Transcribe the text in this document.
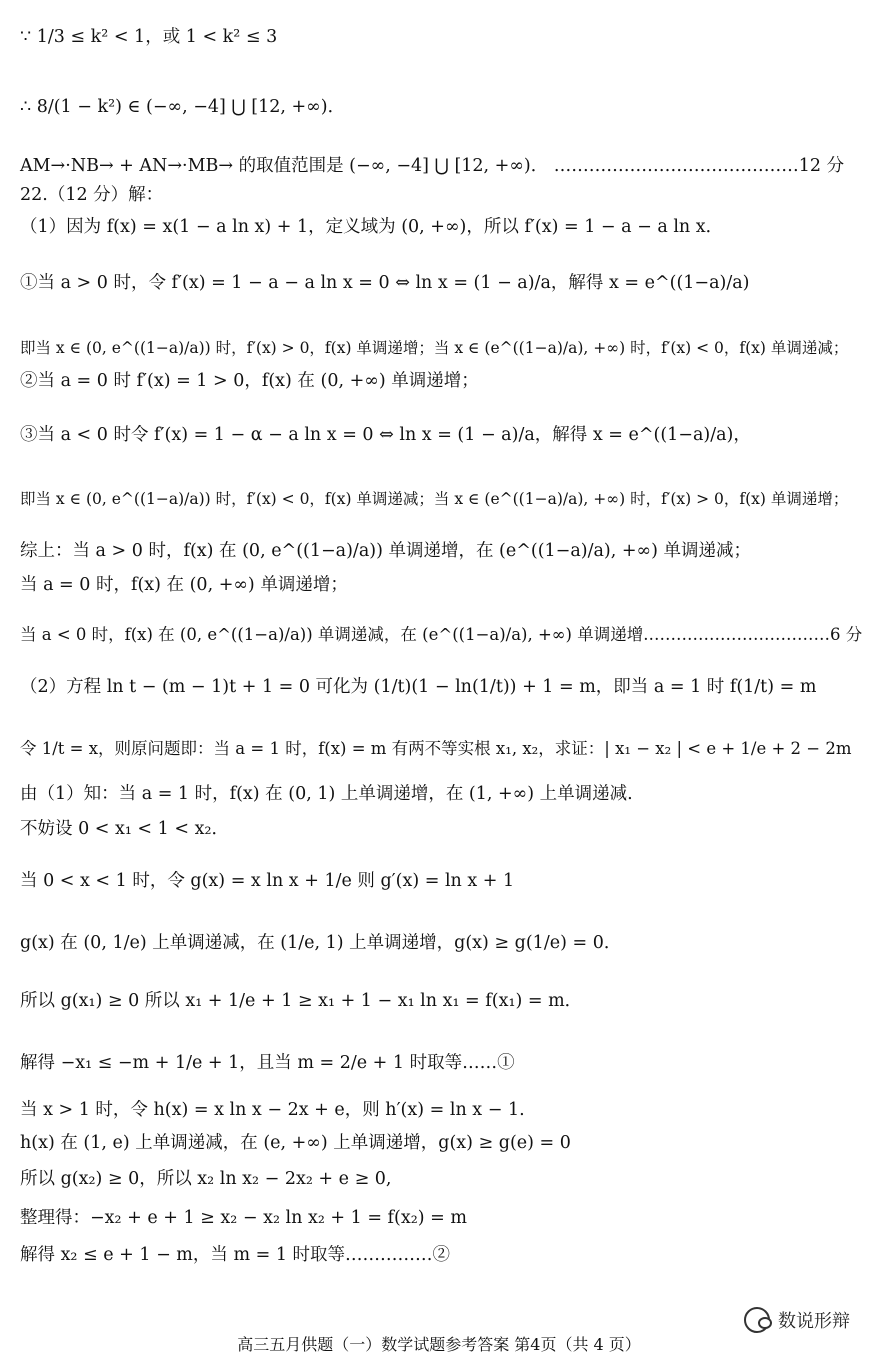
∵ 1/3 ≤ k² < 1，或 1 < k² ≤ 3
∴ 8/(1 − k²) ∈ (−∞, −4] ⋃ [12, +∞)．
AM→·NB→ + AN→·MB→ 的取值范围是 (−∞, −4] ⋃ [12, +∞)． ……………………………………12 分
22.（12 分）解：
（1）因为 f(x) = x(1 − a ln x) + 1，定义域为 (0, +∞)，所以 f′(x) = 1 − a − a ln x．
①当 a > 0 时，令 f′(x) = 1 − a − a ln x = 0 ⇔ ln x = (1 − a)/a，解得 x = e^((1−a)/a)
即当 x ∈ (0, e^((1−a)/a)) 时，f′(x) > 0，f(x) 单调递增；当 x ∈ (e^((1−a)/a), +∞) 时，f′(x) < 0，f(x) 单调递减；
②当 a = 0 时 f′(x) = 1 > 0，f(x) 在 (0, +∞) 单调递增；
③当 a < 0 时令 f′(x) = 1 − α − a ln x = 0 ⇔ ln x = (1 − a)/a，解得 x = e^((1−a)/a)，
即当 x ∈ (0, e^((1−a)/a)) 时，f′(x) < 0，f(x) 单调递减；当 x ∈ (e^((1−a)/a), +∞) 时，f′(x) > 0，f(x) 单调递增；
综上：当 a > 0 时，f(x) 在 (0, e^((1−a)/a)) 单调递增，在 (e^((1−a)/a), +∞) 单调递减；
当 a = 0 时，f(x) 在 (0, +∞) 单调递增；
当 a < 0 时，f(x) 在 (0, e^((1−a)/a)) 单调递减，在 (e^((1−a)/a), +∞) 单调递增.……………………………6 分
（2）方程 ln t − (m − 1)t + 1 = 0 可化为 (1/t)(1 − ln(1/t)) + 1 = m，即当 a = 1 时 f(1/t) = m
令 1/t = x，则原问题即：当 a = 1 时，f(x) = m 有两不等实根 x₁, x₂，求证：| x₁ − x₂ | < e + 1/e + 2 − 2m
由（1）知：当 a = 1 时，f(x) 在 (0, 1) 上单调递增，在 (1, +∞) 上单调递减.
不妨设 0 < x₁ < 1 < x₂．
当 0 < x < 1 时，令 g(x) = x ln x + 1/e 则 g′(x) = ln x + 1
g(x) 在 (0, 1/e) 上单调递减，在 (1/e, 1) 上单调递增，g(x) ≥ g(1/e) = 0．
所以 g(x₁) ≥ 0 所以 x₁ + 1/e + 1 ≥ x₁ + 1 − x₁ ln x₁ = f(x₁) = m．
解得 −x₁ ≤ −m + 1/e + 1，且当 m = 2/e + 1 时取等……①
当 x > 1 时，令 h(x) = x ln x − 2x + e，则 h′(x) = ln x − 1.
h(x) 在 (1, e) 上单调递减，在 (e, +∞) 上单调递增，g(x) ≥ g(e) = 0
所以 g(x₂) ≥ 0，所以 x₂ ln x₂ − 2x₂ + e ≥ 0,
整理得：−x₂ + e + 1 ≥ x₂ − x₂ ln x₂ + 1 = f(x₂) = m
解得 x₂ ≤ e + 1 − m，当 m = 1 时取等……………②
数说形辩
高三五月供题（一）数学试题参考答案 第4页（共 4 页）
